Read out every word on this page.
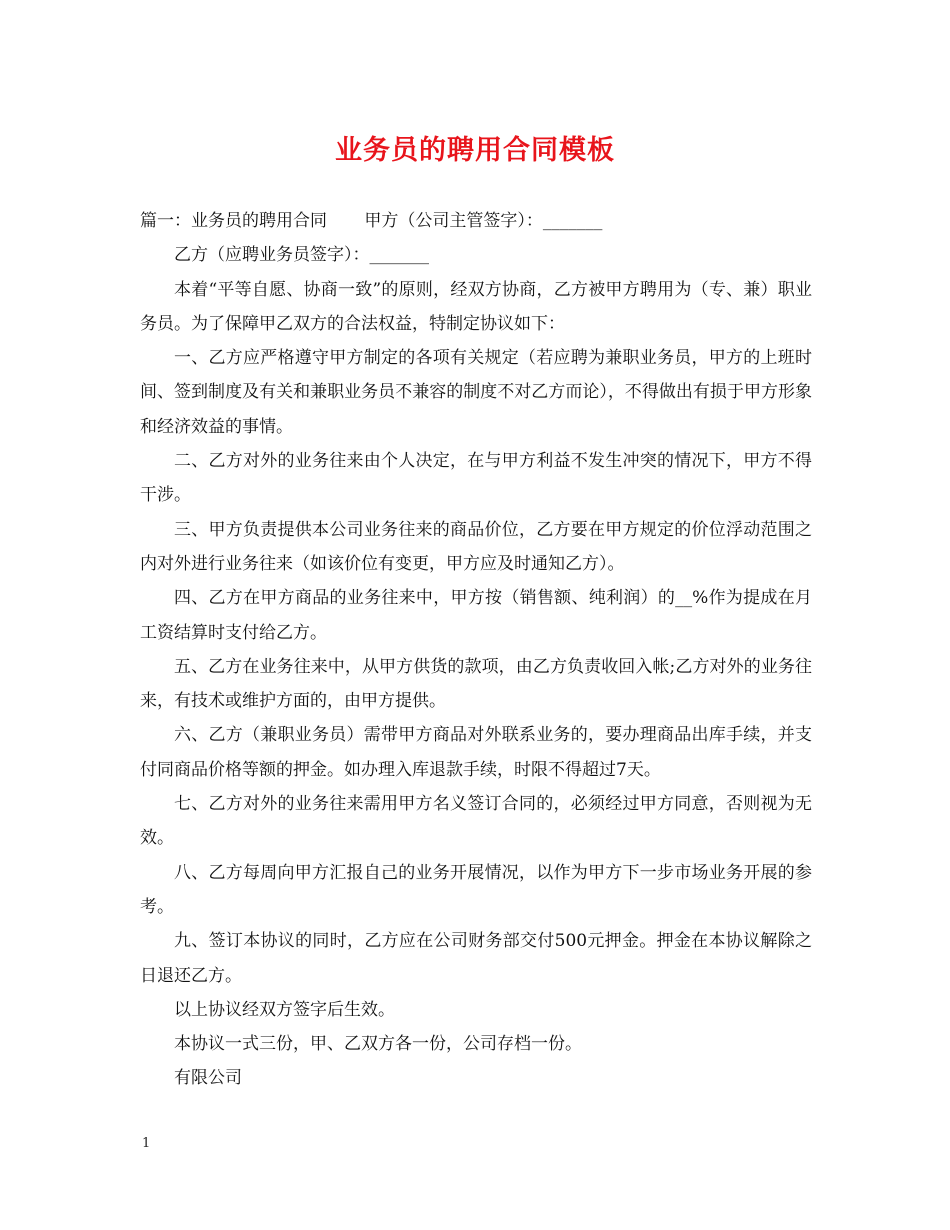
业务员的聘用合同模板

篇一：业务员的聘用合同 甲方（公司主管签字）：_______

乙方（应聘业务员签字）：_______

本着“平等自愿、协商一致”的原则，经双方协商，乙方被甲方聘用为（专、兼）职业务员。为了保障甲乙双方的合法权益，特制定协议如下：

一、乙方应严格遵守甲方制定的各项有关规定（若应聘为兼职业务员，甲方的上班时间、签到制度及有关和兼职业务员不兼容的制度不对乙方而论），不得做出有损于甲方形象和经济效益的事情。

二、乙方对外的业务往来由个人决定，在与甲方利益不发生冲突的情况下，甲方不得干涉。

三、甲方负责提供本公司业务往来的商品价位，乙方要在甲方规定的价位浮动范围之内对外进行业务往来（如该价位有变更，甲方应及时通知乙方）。

四、乙方在甲方商品的业务往来中，甲方按（销售额、纯利润）的__%作为提成在月工资结算时支付给乙方。

五、乙方在业务往来中，从甲方供货的款项，由乙方负责收回入帐;乙方对外的业务往来，有技术或维护方面的，由甲方提供。

六、乙方（兼职业务员）需带甲方商品对外联系业务的，要办理商品出库手续，并支付同商品价格等额的押金。如办理入库退款手续，时限不得超过7天。

七、乙方对外的业务往来需用甲方名义签订合同的，必须经过甲方同意，否则视为无效。

八、乙方每周向甲方汇报自己的业务开展情况，以作为甲方下一步市场业务开展的参考。

九、签订本协议的同时，乙方应在公司财务部交付500元押金。押金在本协议解除之日退还乙方。

以上协议经双方签字后生效。

本协议一式三份，甲、乙双方各一份，公司存档一份。

有限公司

1
